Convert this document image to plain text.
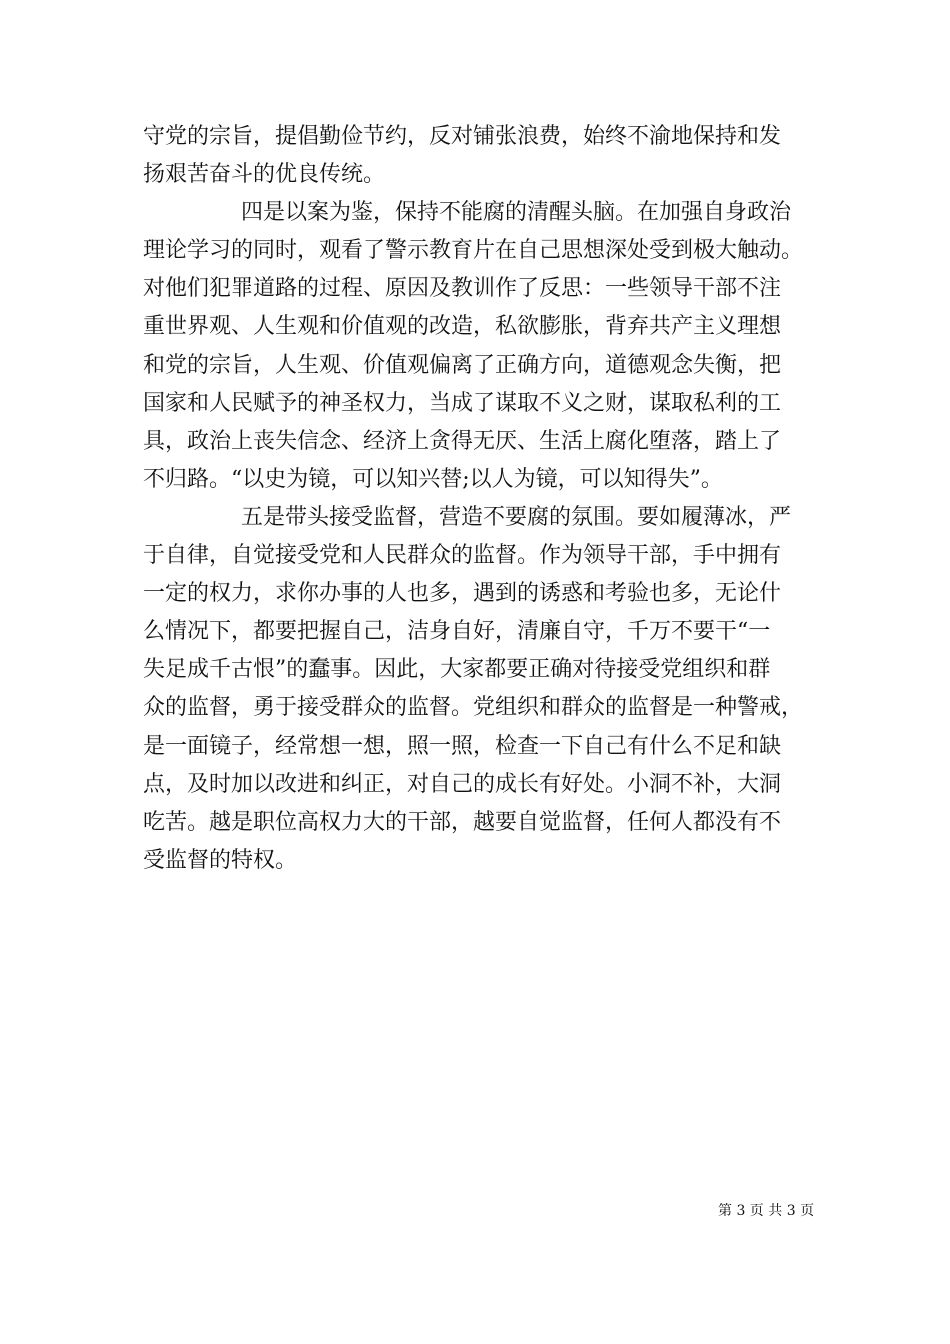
守党的宗旨，提倡勤俭节约，反对铺张浪费，始终不渝地保持和发
扬艰苦奋斗的优良传统。
四是以案为鉴，保持不能腐的清醒头脑。在加强自身政治
理论学习的同时，观看了警示教育片在自己思想深处受到极大触动。
对他们犯罪道路的过程、原因及教训作了反思：一些领导干部不注
重世界观、人生观和价值观的改造，私欲膨胀，背弃共产主义理想
和党的宗旨，人生观、价值观偏离了正确方向，道德观念失衡，把
国家和人民赋予的神圣权力，当成了谋取不义之财，谋取私利的工
具，政治上丧失信念、经济上贪得无厌、生活上腐化堕落，踏上了
不归路。“以史为镜，可以知兴替;以人为镜，可以知得失”。
五是带头接受监督，营造不要腐的氛围。要如履薄冰，严
于自律，自觉接受党和人民群众的监督。作为领导干部，手中拥有
一定的权力，求你办事的人也多，遇到的诱惑和考验也多，无论什
么情况下，都要把握自己，洁身自好，清廉自守，千万不要干“一
失足成千古恨”的蠢事。因此，大家都要正确对待接受党组织和群
众的监督，勇于接受群众的监督。党组织和群众的监督是一种警戒，
是一面镜子，经常想一想，照一照，检查一下自己有什么不足和缺
点，及时加以改进和纠正，对自己的成长有好处。小洞不补，大洞
吃苦。越是职位高权力大的干部，越要自觉监督，任何人都没有不
受监督的特权。
第 3 页 共 3 页
